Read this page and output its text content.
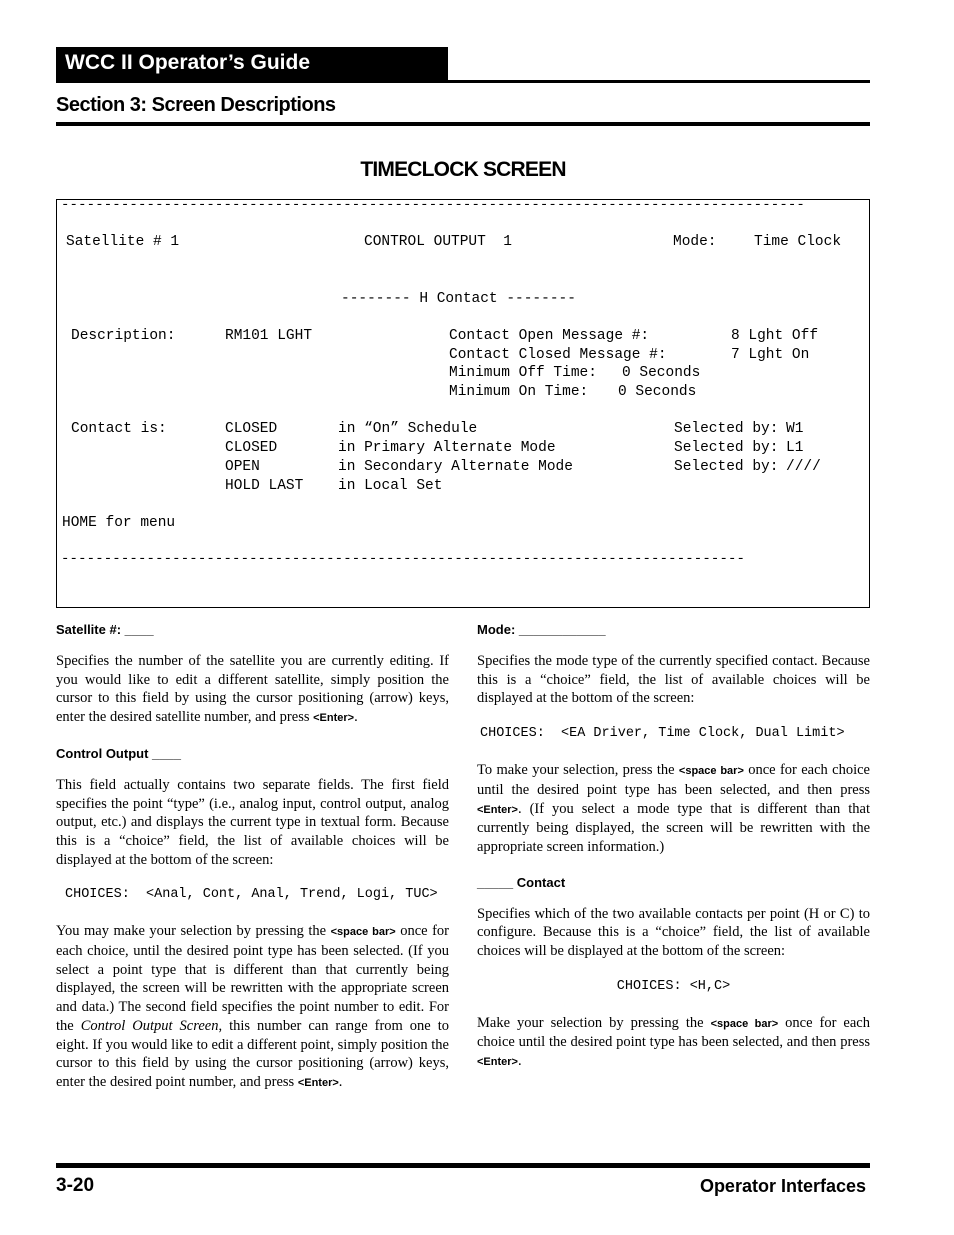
WCC II Operator’s Guide
Section 3: Screen Descriptions
TIMECLOCK SCREEN
---------------------------------------------------------------------------------------
Satellite # 1	CONTROL OUTPUT  1	Mode:	Time Clock
-------- H Contact --------
Description:	RM101 LGHT	Contact Open Message #:	8 Lght Off
Contact Closed Message #:	7 Lght On
Minimum Off Time: 0 Seconds
Minimum On Time: 0 Seconds
Contact is:	CLOSED	in “On” Schedule	Selected by: W1
CLOSED	in Primary Alternate Mode	Selected by: L1
OPEN	in Secondary Alternate Mode	Selected by: ////
HOLD LAST in Local Set
HOME for menu
--------------------------------------------------------------------------------
Satellite #: ____

Specifies the number of the satellite you are currently editing. If you would like to edit a different satellite, simply position the cursor to this field by using the cursor positioning (arrow) keys, enter the desired satellite number, and press <Enter>.

Control Output ____

This field actually contains two separate fields. The first field specifies the point “type” (i.e., analog input, control output, analog output, etc.) and displays the current type in textual form. Because this is a “choice” field, the list of available choices will be displayed at the bottom of the screen:

CHOICES:  <Anal, Cont, Anal, Trend, Logi, TUC>

You may make your selection by pressing the <space bar> once for each choice, until the desired point type has been selected. (If you select a point type that is different than that currently being displayed, the screen will be rewritten with the appropriate screen and data.) The second field specifies the point number to edit. For the Control Output Screen, this number can range from one to eight. If you would like to edit a different point, simply position the cursor to this field by using the cursor positioning (arrow) keys, enter the desired point number, and press <Enter>.

Mode: ____________

Specifies the mode type of the currently specified contact. Because this is a “choice” field, the list of available choices will be displayed at the bottom of the screen:

CHOICES:  <EA Driver, Time Clock, Dual Limit>

To make your selection, press the <space bar> once for each choice until the desired point type has been selected, and then press <Enter>. (If you select a mode type that is different than that currently being displayed, the screen will be rewritten with the appropriate screen information.)

_____ Contact

Specifies which of the two available contacts per point (H or C) to configure. Because this is a “choice” field, the list of available choices will be displayed at the bottom of the screen:

CHOICES: <H,C>

Make your selection by pressing the <space bar> once for each choice until the desired point type has been selected, and then press <Enter>.

3-20	Operator Interfaces
